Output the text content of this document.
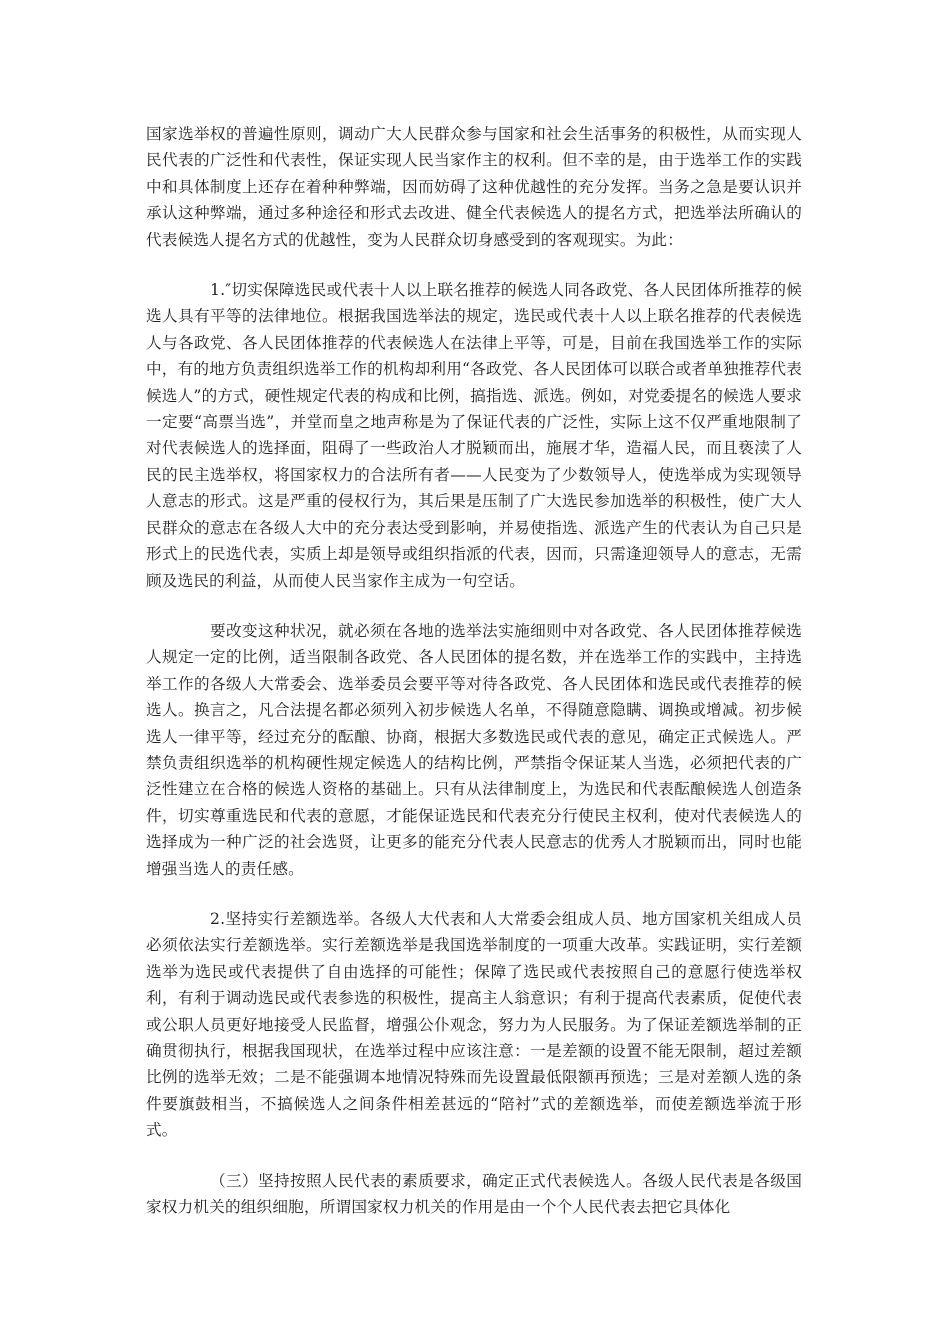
国家选举权的普遍性原则，调动广大人民群众参与国家和社会生活事务的积极性，从而实现人民代表的广泛性和代表性，保证实现人民当家作主的权利。但不幸的是，由于选举工作的实践中和具体制度上还存在着种种弊端，因而妨碍了这种优越性的充分发挥。当务之急是要认识并承认这种弊端，通过多种途径和形式去改进、健全代表候选人的提名方式，把选举法所确认的代表候选人提名方式的优越性，变为人民群众切身感受到的客观现实。为此：

1.″切实保障选民或代表十人以上联名推荐的候选人同各政党、各人民团体所推荐的候选人具有平等的法律地位。根据我国选举法的规定，选民或代表十人以上联名推荐的代表候选人与各政党、各人民团体推荐的代表候选人在法律上平等，可是，目前在我国选举工作的实际中，有的地方负责组织选举工作的机构却利用“各政党、各人民团体可以联合或者单独推荐代表候选人”的方式，硬性规定代表的构成和比例，搞指选、派选。例如，对党委提名的候选人要求一定要“高票当选”，并堂而皇之地声称是为了保证代表的广泛性，实际上这不仅严重地限制了对代表候选人的选择面，阻碍了一些政治人才脱颖而出，施展才华，造福人民，而且亵渎了人民的民主选举权，将国家权力的合法所有者——人民变为了少数领导人，使选举成为实现领导人意志的形式。这是严重的侵权行为，其后果是压制了广大选民参加选举的积极性，使广大人民群众的意志在各级人大中的充分表达受到影响，并易使指选、派选产生的代表认为自己只是形式上的民选代表，实质上却是领导或组织指派的代表，因而，只需逢迎领导人的意志，无需顾及选民的利益，从而使人民当家作主成为一句空话。

要改变这种状况，就必须在各地的选举法实施细则中对各政党、各人民团体推荐候选人规定一定的比例，适当限制各政党、各人民团体的提名数，并在选举工作的实践中，主持选举工作的各级人大常委会、选举委员会要平等对待各政党、各人民团体和选民或代表推荐的候选人。换言之，凡合法提名都必须列入初步候选人名单，不得随意隐瞒、调换或增减。初步候选人一律平等，经过充分的酝酿、协商，根据大多数选民或代表的意见，确定正式候选人。严禁负责组织选举的机构硬性规定候选人的结构比例，严禁指令保证某人当选，必须把代表的广泛性建立在合格的候选人资格的基础上。只有从法律制度上，为选民和代表酝酿候选人创造条件，切实尊重选民和代表的意愿，才能保证选民和代表充分行使民主权利，使对代表候选人的选择成为一种广泛的社会选贤，让更多的能充分代表人民意志的优秀人才脱颖而出，同时也能增强当选人的责任感。

2.坚持实行差额选举。各级人大代表和人大常委会组成人员、地方国家机关组成人员必须依法实行差额选举。实行差额选举是我国选举制度的一项重大改革。实践证明，实行差额选举为选民或代表提供了自由选择的可能性；保障了选民或代表按照自己的意愿行使选举权利，有利于调动选民或代表参选的积极性，提高主人翁意识；有利于提高代表素质，促使代表或公职人员更好地接受人民监督，增强公仆观念，努力为人民服务。为了保证差额选举制的正确贯彻执行，根据我国现状，在选举过程中应该注意：一是差额的设置不能无限制，超过差额比例的选举无效；二是不能强调本地情况特殊而先设置最低限额再预选；三是对差额人选的条件要旗鼓相当，不搞候选人之间条件相差甚远的“陪衬”式的差额选举，而使差额选举流于形式。

（三）坚持按照人民代表的素质要求，确定正式代表候选人。各级人民代表是各级国家权力机关的组织细胞，所谓国家权力机关的作用是由一个个人民代表去把它具体化
